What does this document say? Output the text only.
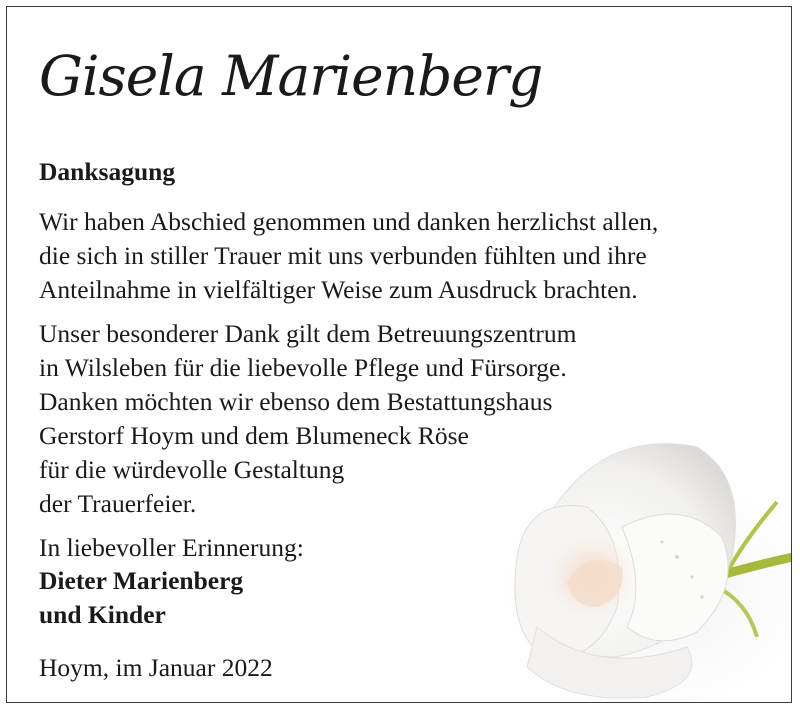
Gisela Marienberg

Danksagung

Wir haben Abschied genommen und danken herzlichst allen,
die sich in stiller Trauer mit uns verbunden fühlten und ihre
Anteilnahme in vielfältiger Weise zum Ausdruck brachten.

Unser besonderer Dank gilt dem Betreuungszentrum
in Wilsleben für die liebevolle Pflege und Fürsorge.
Danken möchten wir ebenso dem Bestattungshaus
Gerstorf Hoym und dem Blumeneck Röse
für die würdevolle Gestaltung
der Trauerfeier.

In liebevoller Erinnerung:

Dieter Marienberg
und Kinder

Hoym, im Januar 2022
